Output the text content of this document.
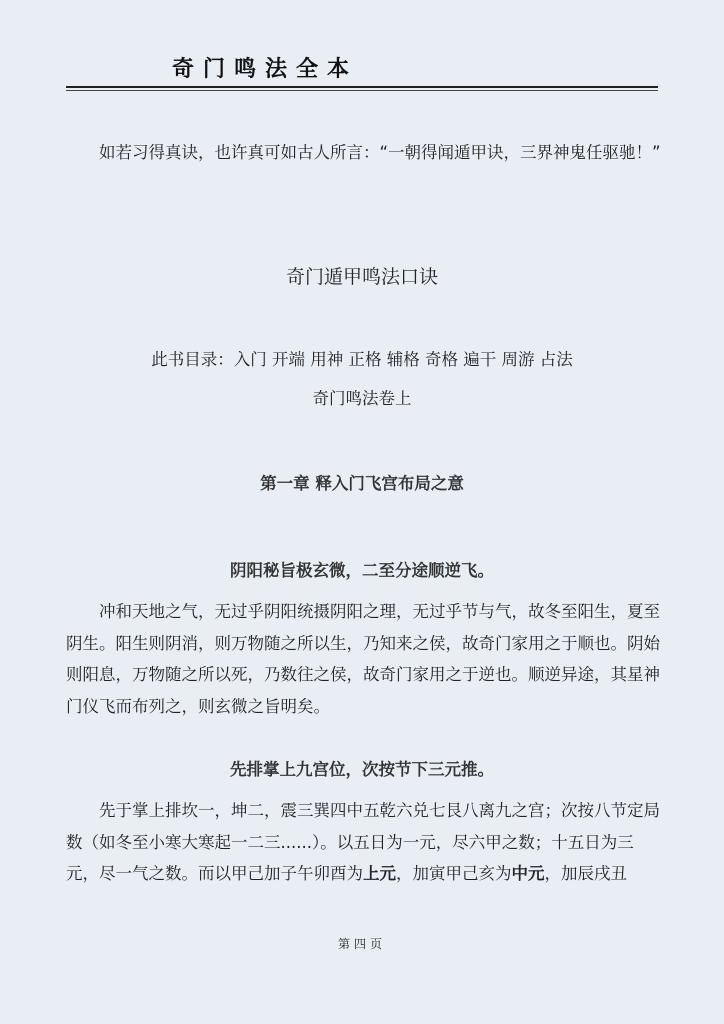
奇门鸣法全本

如若习得真诀，也许真可如古人所言：“一朝得闻遁甲诀，三界神鬼任驱驰！”

奇门遁甲鸣法口诀
此书目录：入门 开端 用神 正格 辅格 奇格 遍干 周游 占法
奇门鸣法卷上
第一章 释入门飞宫布局之意
阴阳秘旨极玄微，二至分途顺逆飞。

冲和天地之气，无过乎阴阳统摄阴阳之理，无过乎节与气，故冬至阳生，夏至阴生。阳生则阴消，则万物随之所以生，乃知来之侯，故奇门家用之于顺也。阴始则阳息，万物随之所以死，乃数往之侯，故奇门家用之于逆也。顺逆异途，其星神门仪飞而布列之，则玄微之旨明矣。

先排掌上九宫位，次按节下三元推。

先于掌上排坎一，坤二，震三巽四中五乾六兑七艮八离九之宫；次按八节定局数（如冬至小寒大寒起一二三......）。以五日为一元，尽六甲之数；十五日为三元，尽一气之数。而以甲己加子午卯酉为上元，加寅甲己亥为中元，加辰戌丑

第四页
